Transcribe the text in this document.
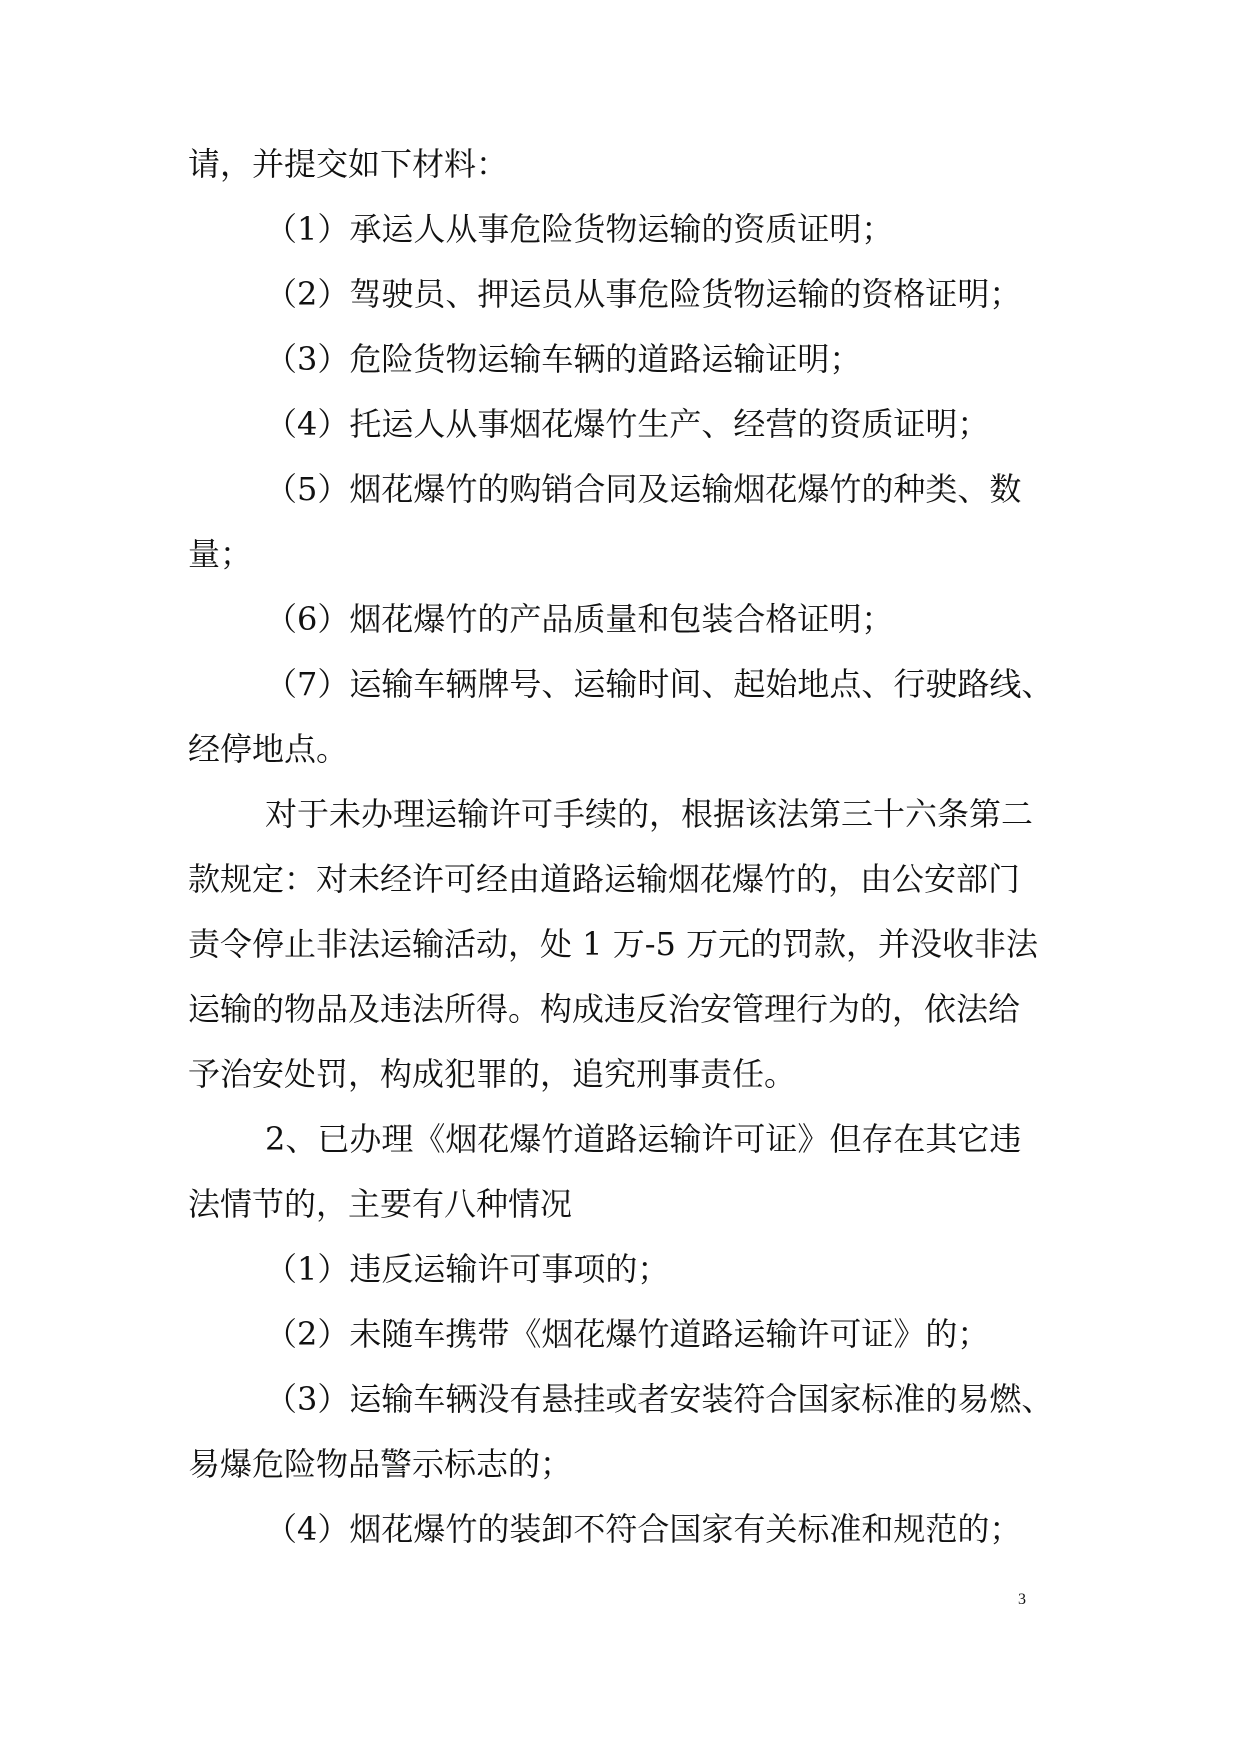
请，并提交如下材料：
（1）承运人从事危险货物运输的资质证明；
（2）驾驶员、押运员从事危险货物运输的资格证明；
（3）危险货物运输车辆的道路运输证明；
（4）托运人从事烟花爆竹生产、经营的资质证明；
（5）烟花爆竹的购销合同及运输烟花爆竹的种类、数
量；
（6）烟花爆竹的产品质量和包装合格证明；
（7）运输车辆牌号、运输时间、起始地点、行驶路线、
经停地点。
对于未办理运输许可手续的，根据该法第三十六条第二
款规定：对未经许可经由道路运输烟花爆竹的，由公安部门
责令停止非法运输活动，处 1 万-5 万元的罚款，并没收非法
运输的物品及违法所得。构成违反治安管理行为的，依法给
予治安处罚，构成犯罪的，追究刑事责任。
2、已办理《烟花爆竹道路运输许可证》但存在其它违
法情节的，主要有八种情况
（1）违反运输许可事项的；
（2）未随车携带《烟花爆竹道路运输许可证》的；
（3）运输车辆没有悬挂或者安装符合国家标准的易燃、
易爆危险物品警示标志的；
（4）烟花爆竹的装卸不符合国家有关标准和规范的；
3
